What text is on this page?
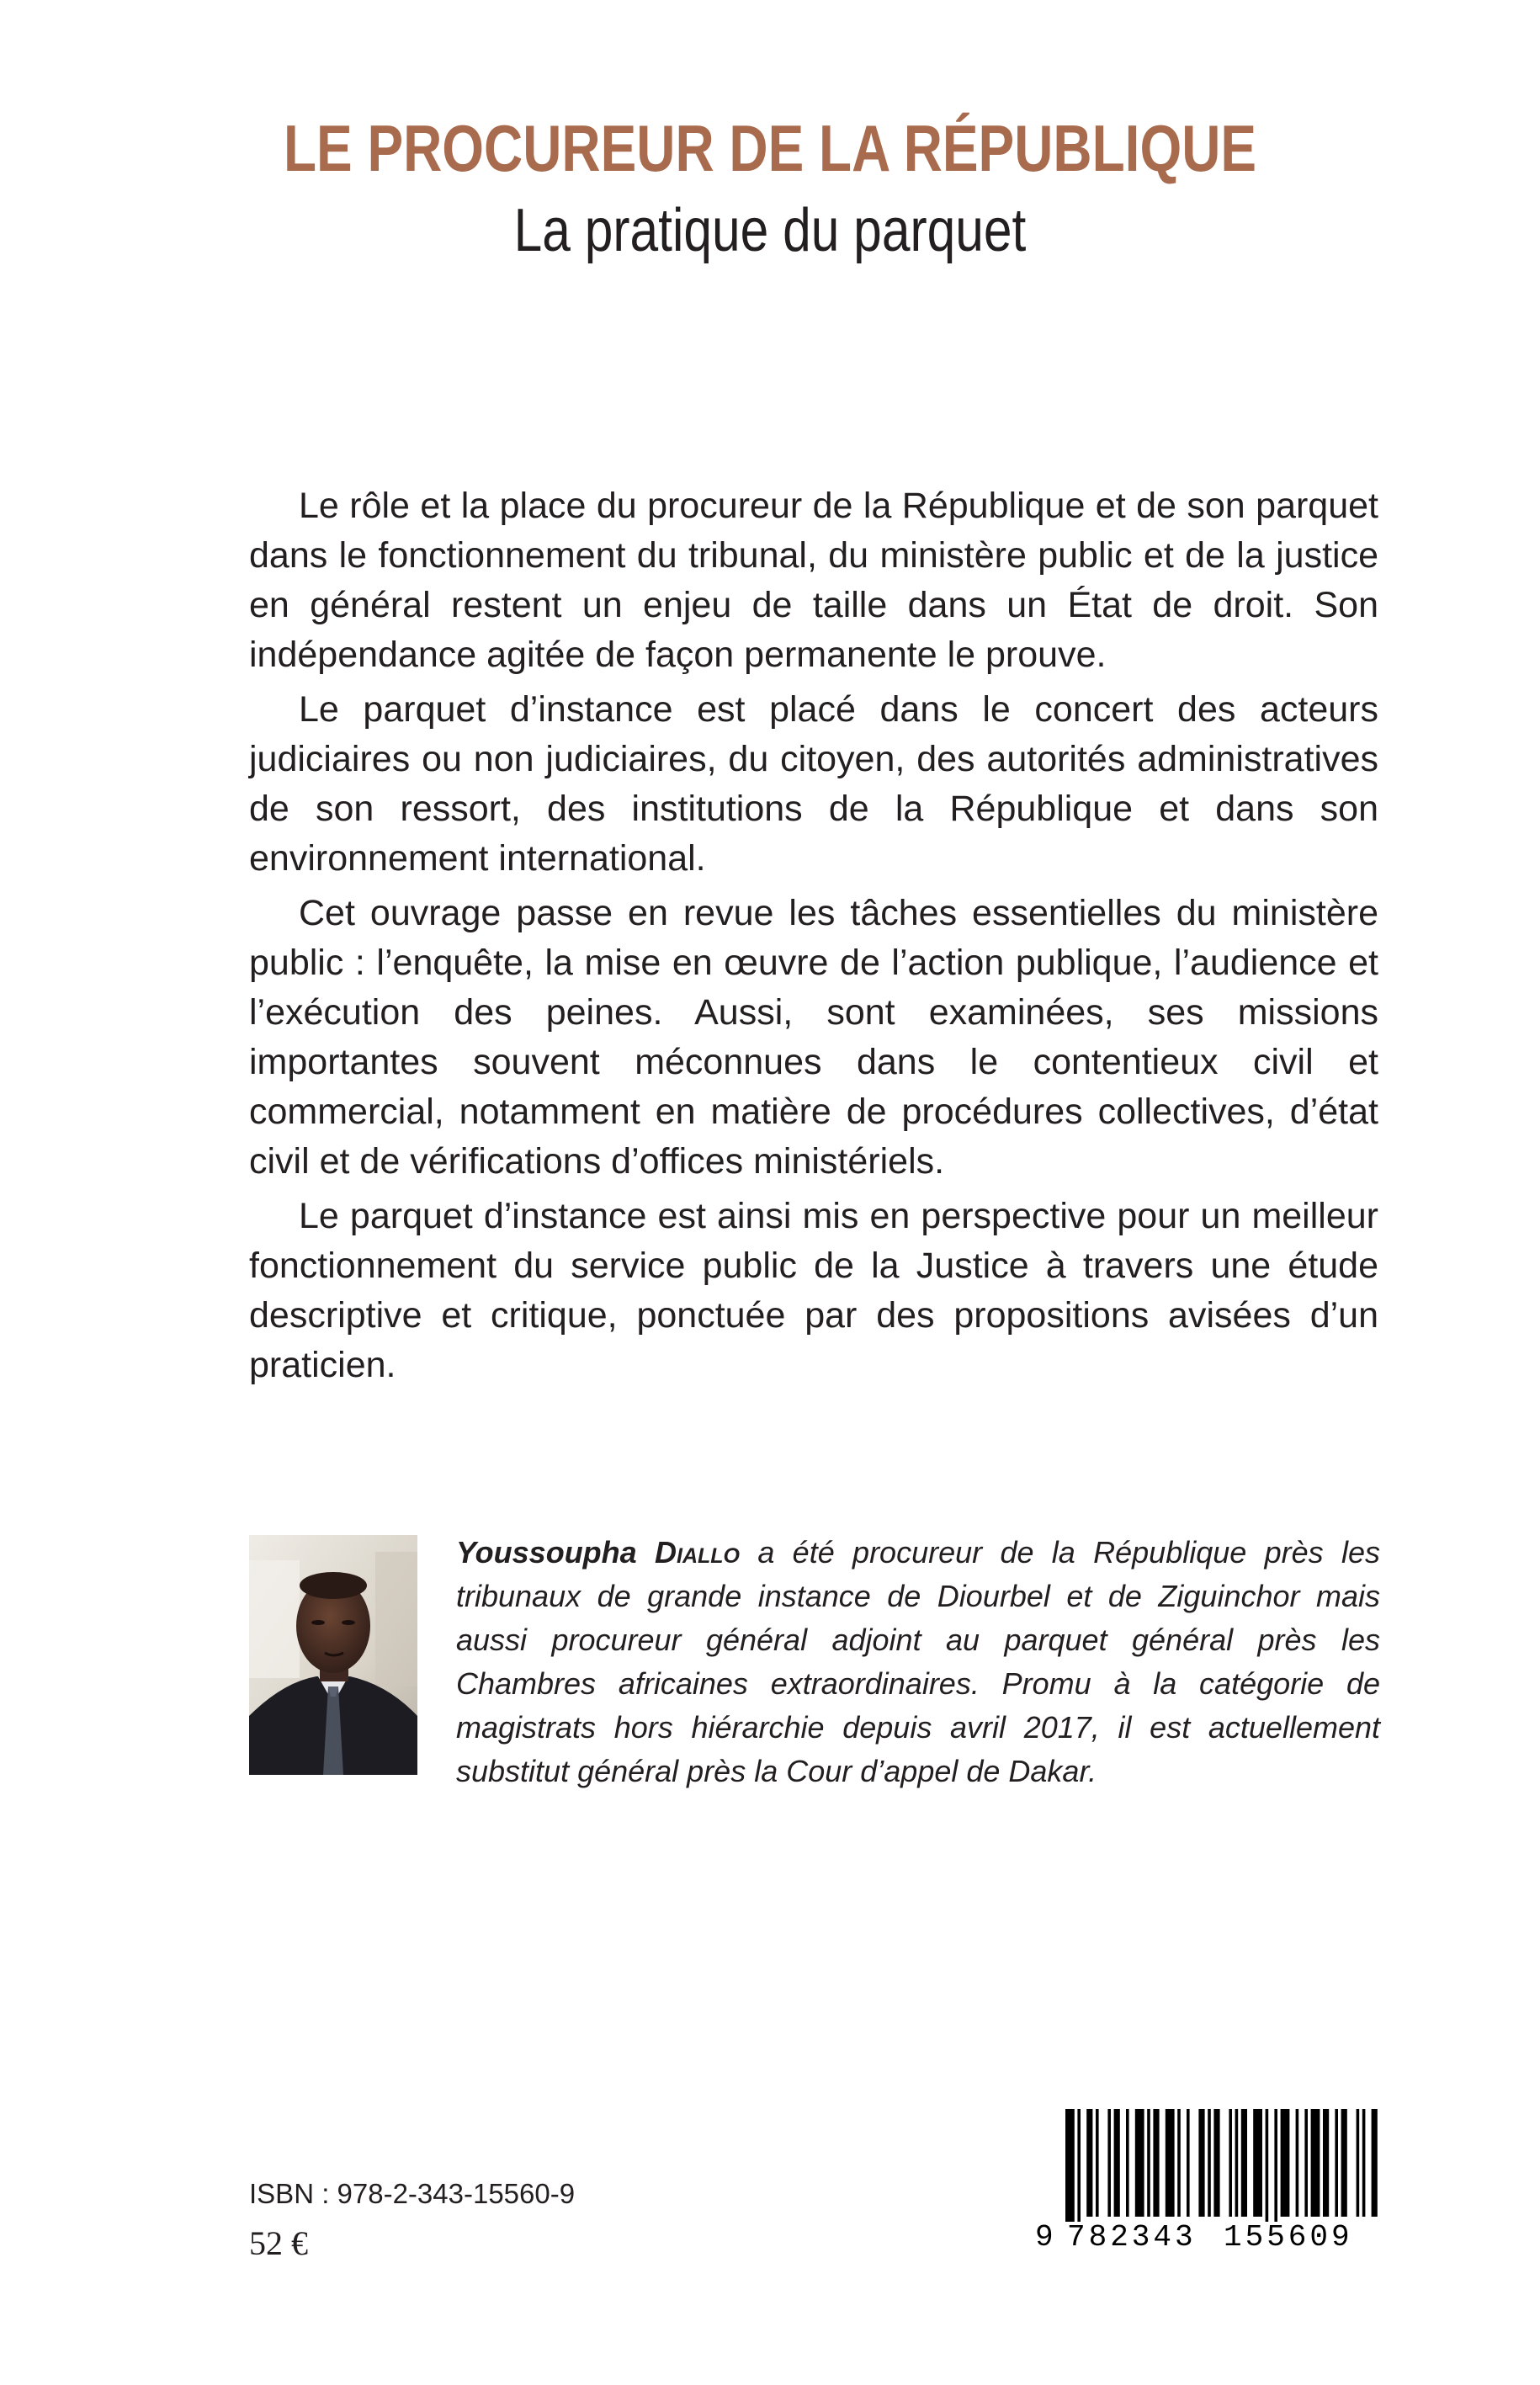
LE PROCUREUR DE LA RÉPUBLIQUE
La pratique du parquet

Le rôle et la place du procureur de la République et de son parquet dans le fonctionnement du tribunal, du ministère public et de la justice en général restent un enjeu de taille dans un État de droit. Son indépendance agitée de façon permanente le prouve.

Le parquet d’instance est placé dans le concert des acteurs judiciaires ou non judiciaires, du citoyen, des autorités administratives de son ressort, des institutions de la République et dans son environnement international.

Cet ouvrage passe en revue les tâches essentielles du ministère public : l’enquête, la mise en œuvre de l’action publique, l’audience et l’exécution des peines. Aussi, sont examinées, ses missions importantes souvent méconnues dans le contentieux civil et commercial, notamment en matière de procédures collectives, d’état civil et de vérifications d’offices ministériels.

Le parquet d’instance est ainsi mis en perspective pour un meilleur fonctionnement du service public de la Justice à travers une étude descriptive et critique, ponctuée par des propositions avisées d’un praticien.

Youssoupha Diallo a été procureur de la République près les tribunaux de grande instance de Diourbel et de Ziguinchor mais aussi procureur général adjoint au parquet général près les Chambres africaines extraordinaires. Promu à la catégorie de magistrats hors hiérarchie depuis avril 2017, il est actuellement substitut général près la Cour d’appel de Dakar.
ISBN : 978-2-343-15560-9
52 €	9 782343 155609
